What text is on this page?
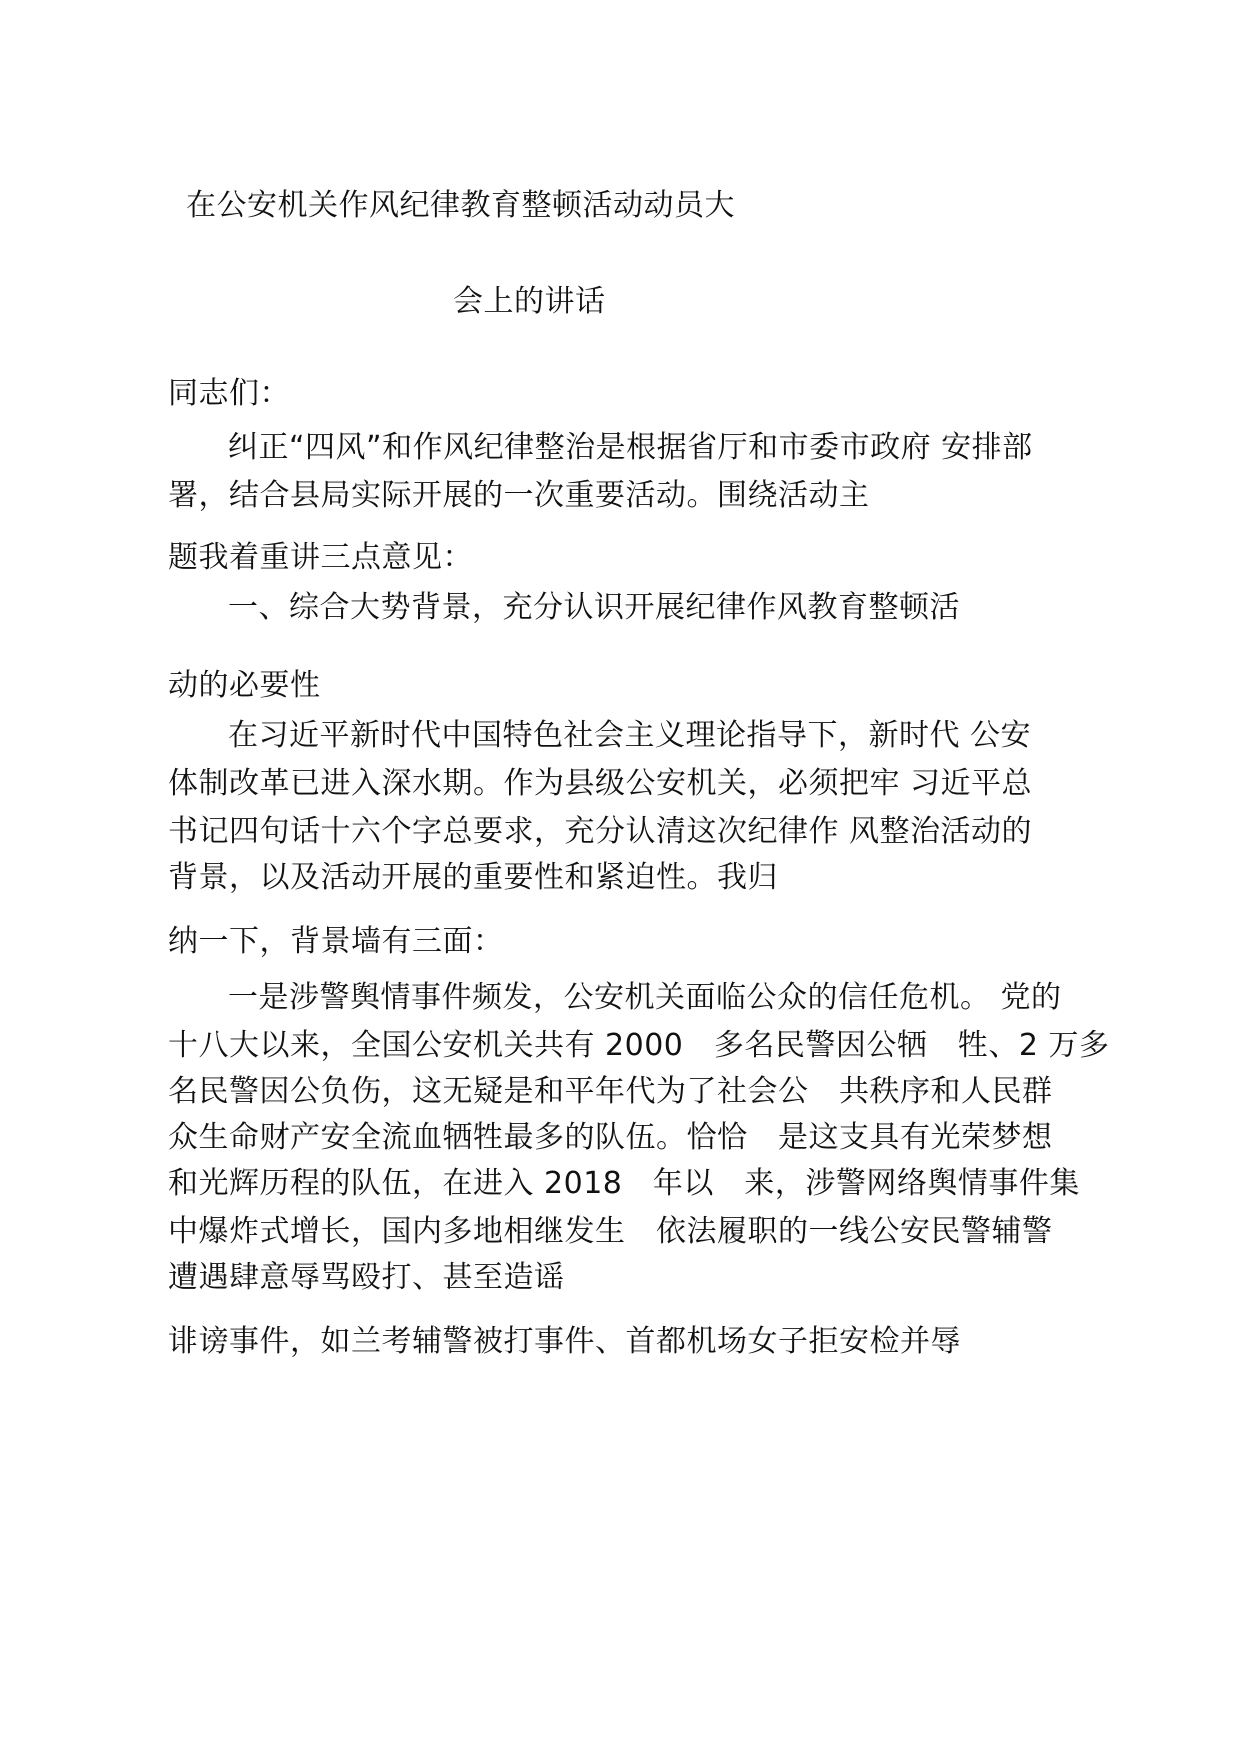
在公安机关作风纪律教育整顿活动动员大
会上的讲话
同志们：
纠正“四风”和作风纪律整治是根据省厅和市委市政府 安排部
署，结合县局实际开展的一次重要活动。围绕活动主
题我着重讲三点意见：
一、综合大势背景，充分认识开展纪律作风教育整顿活
动的必要性
在习近平新时代中国特色社会主义理论指导下，新时代 公安
体制改革已进入深水期。作为县级公安机关，必须把牢 习近平总
书记四句话十六个字总要求，充分认清这次纪律作 风整治活动的
背景，以及活动开展的重要性和紧迫性。我归
纳一下，背景墙有三面：
一是涉警舆情事件频发，公安机关面临公众的信任危机。 党的
十八大以来，全国公安机关共有 2000　多名民警因公牺　牲、2 万多
名民警因公负伤，这无疑是和平年代为了社会公　共秩序和人民群
众生命财产安全流血牺牲最多的队伍。恰恰　是这支具有光荣梦想
和光辉历程的队伍，在进入 2018　年以　来，涉警网络舆情事件集
中爆炸式增长，国内多地相继发生　依法履职的一线公安民警辅警
遭遇肆意辱骂殴打、甚至造谣
诽谤事件，如兰考辅警被打事件、首都机场女子拒安检并辱
